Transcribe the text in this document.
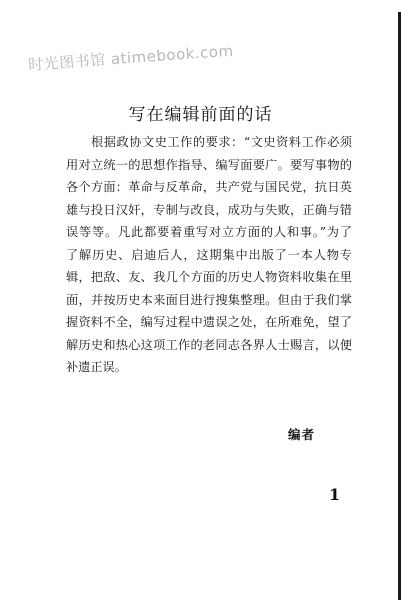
时光图书馆 atimebook.com
写在编辑前面的话
根据政协文史工作的要求：“文史资料工作必须
用对立统一的思想作指导、编写面要广。要写事物的
各个方面：革命与反革命，共产党与国民党，抗日英
雄与投日汉奸，专制与改良，成功与失败，正确与错
误等等。凡此都要着重写对立方面的人和事。”为了
了解历史、启迪后人，这期集中出版了一本人物专
辑，把敌、友、我几个方面的历史人物资料收集在里
面，并按历史本来面目进行搜集整理。但由于我们掌
握资料不全，编写过程中遗误之处，在所难免，望了
解历史和热心这项工作的老同志各界人士赐言，以便
补遗正误。
编者
1
